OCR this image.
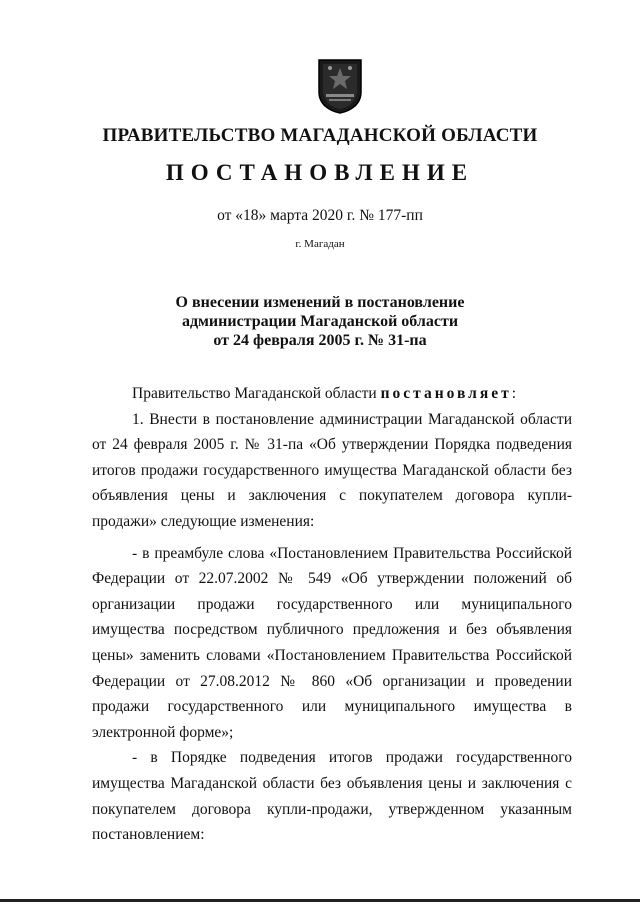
ПРАВИТЕЛЬСТВО МАГАДАНСКОЙ ОБЛАСТИ
ПОСТАНОВЛЕНИЕ
от «18» марта 2020 г. № 177-пп
г. Магадан
О внесении изменений в постановление
администрации Магаданской области
от 24 февраля 2005 г. № 31-па

Правительство Магаданской области постановляет:

1. Внести в постановление администрации Магаданской области от 24 февраля 2005 г. № 31-па «Об утверждении Порядка подведения итогов продажи государственного имущества Магаданской области без объявления цены и заключения с покупателем договора купли-продажи» следующие изменения:

- в преамбуле слова «Постановлением Правительства Российской Федерации от 22.07.2002 № 549 «Об утверждении положений об организации продажи государственного или муниципального имущества посредством публичного предложения и без объявления цены» заменить словами «Постановлением Правительства Российской Федерации от 27.08.2012 № 860 «Об организации и проведении продажи государственного или муниципального имущества в электронной форме»;

- в Порядке подведения итогов продажи государственного имущества Магаданской области без объявления цены и заключения с покупателем договора купли-продажи, утвержденном указанным постановлением:
